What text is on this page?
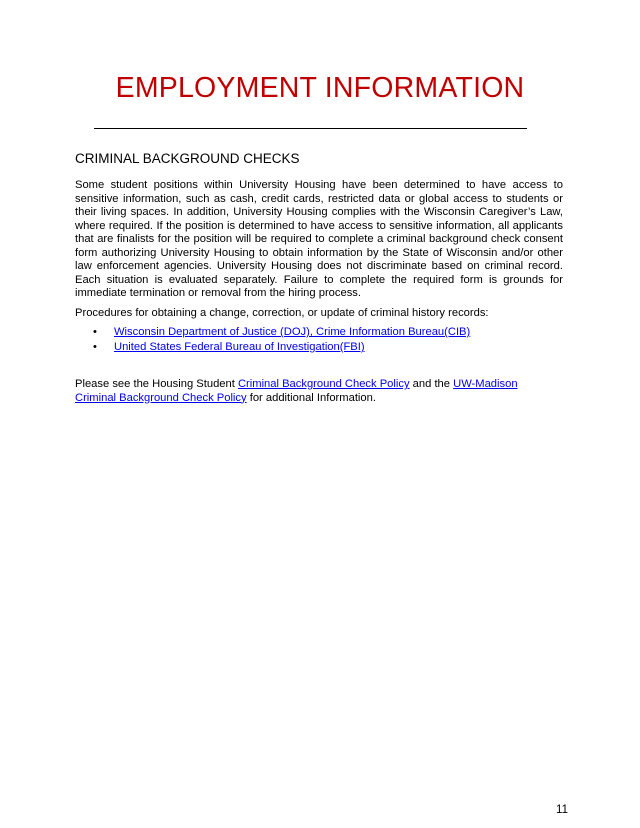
EMPLOYMENT INFORMATION
CRIMINAL BACKGROUND CHECKS

Some student positions within University Housing have been determined to have access to sensitive information, such as cash, credit cards, restricted data or global access to students or their living spaces. In addition, University Housing complies with the Wisconsin Caregiver’s Law, where required. If the position is determined to have access to sensitive information, all applicants that are finalists for the position will be required to complete a criminal background check consent form authorizing University Housing to obtain information by the State of Wisconsin and/or other law enforcement agencies. University Housing does not discriminate based on criminal record. Each situation is evaluated separately. Failure to complete the required form is grounds for immediate termination or removal from the hiring process.

Procedures for obtaining a change, correction, or update of criminal history records:

• Wisconsin Department of Justice (DOJ), Crime Information Bureau(CIB)
• United States Federal Bureau of Investigation(FBI)

Please see the Housing Student Criminal Background Check Policy and the UW-Madison Criminal Background Check Policy for additional Information.

11
